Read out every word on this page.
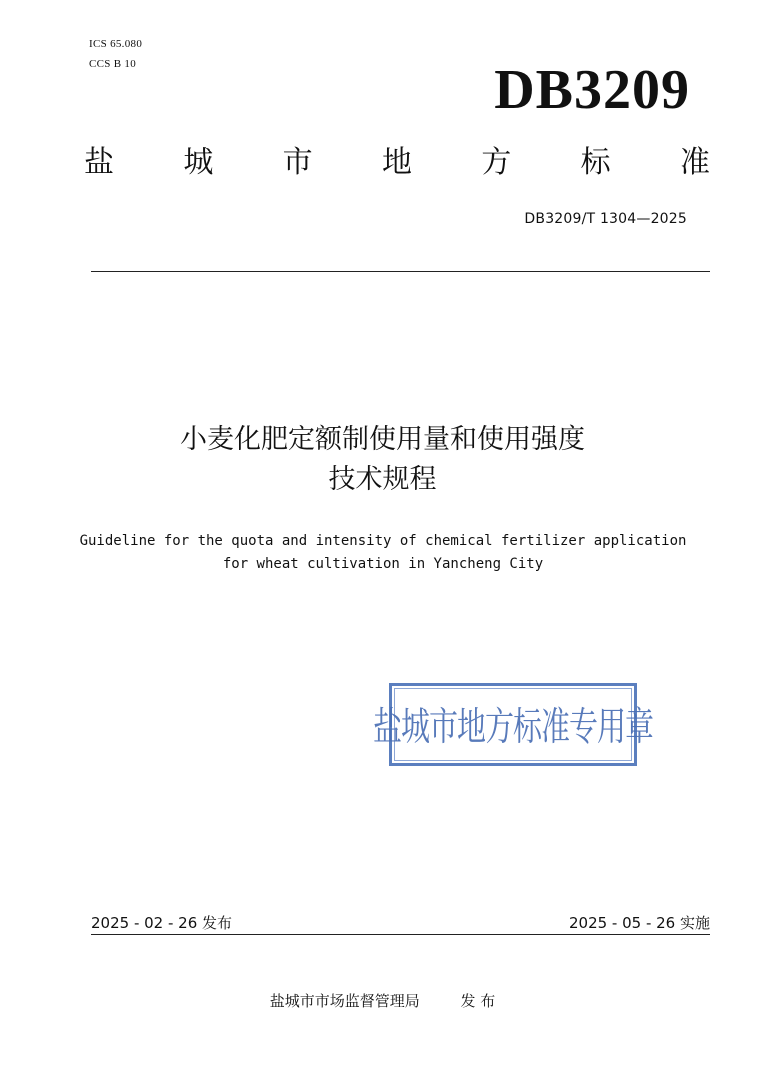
ICS 65.080
CCS B 10	DB3209
盐 城 市 地 方 标 准
DB3209/T 1304—2025
小麦化肥定额制使用量和使用强度
技术规程
Guideline for the quota and intensity of chemical fertilizer application
for wheat cultivation in Yancheng City
盐城市地方标准专用章
2025 - 02 - 26 发布	2025 - 05 - 26 实施
盐城市市场监督管理局	发 布
